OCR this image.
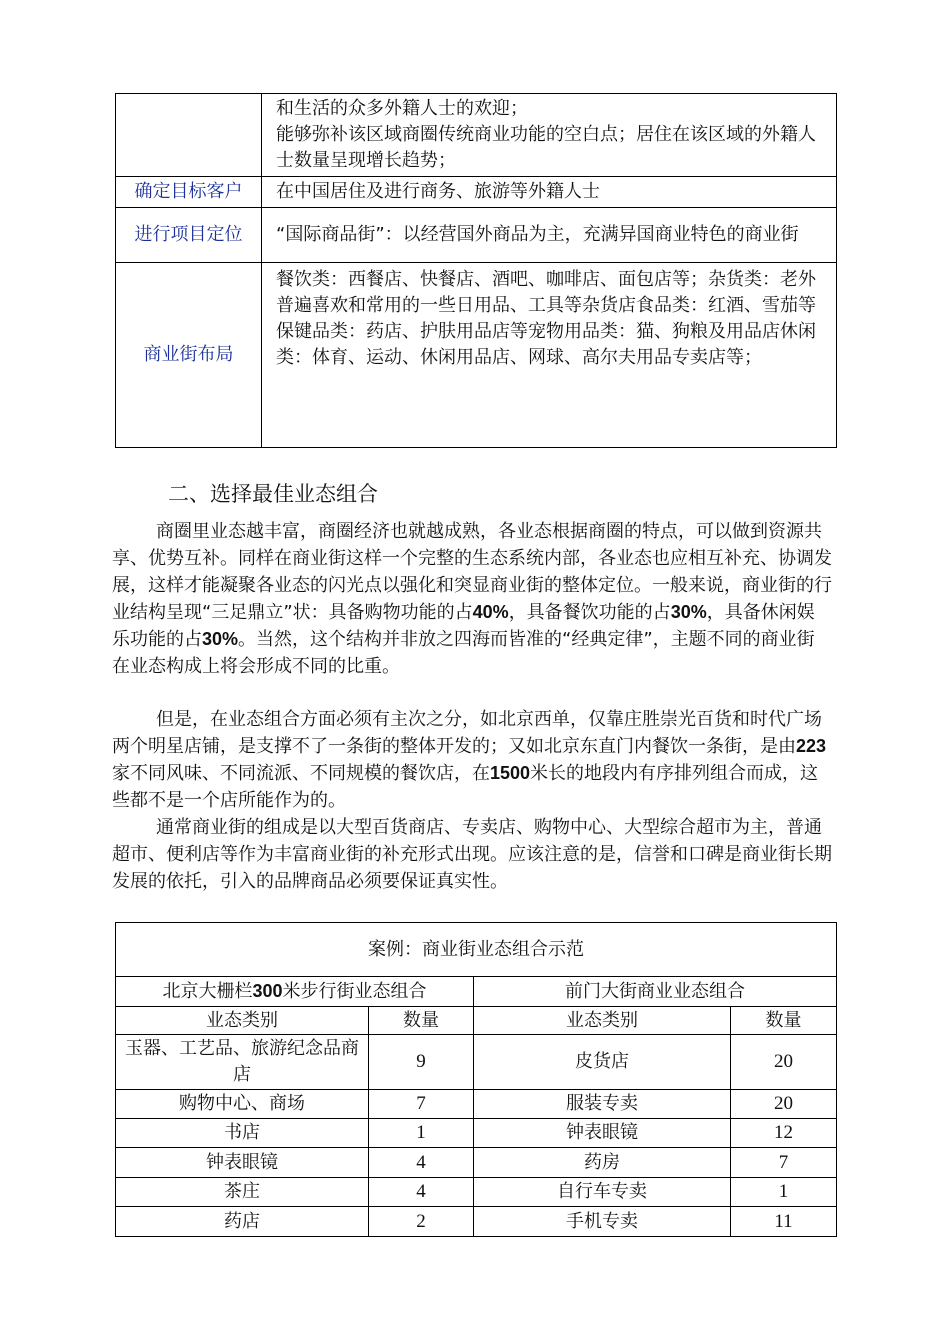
	和生活的众多外籍人士的欢迎；

能够弥补该区域商圈传统商业功能的空白点；居住在该区域的外籍人士数量呈现增长趋势；

确定目标客户	在中国居住及进行商务、旅游等外籍人士
进行项目定位	“国际商品街”：以经营国外商品为主，充满异国商业特色的商业街
商业街布局	餐饮类：西餐店、快餐店、酒吧、咖啡店、面包店等；杂货类：老外普遍喜欢和常用的一些日用品、工具等杂货店食品类：红酒、雪茄等

保键品类：药店、护肤用品店等宠物用品类：猫、狗粮及用品店休闲类：体育、运动、休闲用品店、网球、高尔夫用品专卖店等；

二、选择最佳业态组合

商圈里业态越丰富，商圈经济也就越成熟，各业态根据商圈的特点，可以做到资源共享、优势互补。同样在商业街这样一个完整的生态系统内部，各业态也应相互补充、协调发展，这样才能凝聚各业态的闪光点以强化和突显商业街的整体定位。一般来说，商业街的行业结构呈现“三足鼎立”状：具备购物功能的占40%，具备餐饮功能的占30%，具备休闲娱乐功能的占30%。当然，这个结构并非放之四海而皆准的“经典定律”，主题不同的商业街在业态构成上将会形成不同的比重。

但是，在业态组合方面必须有主次之分，如北京西单，仅靠庄胜崇光百货和时代广场两个明星店铺，是支撑不了一条街的整体开发的；又如北京东直门内餐饮一条街，是由223家不同风味、不同流派、不同规模的餐饮店，在1500米长的地段内有序排列组合而成，这些都不是一个店所能作为的。

通常商业街的组成是以大型百货商店、专卖店、购物中心、大型综合超市为主，普通超市、便利店等作为丰富商业街的补充形式出现。应该注意的是，信誉和口碑是商业街长期发展的依托，引入的品牌商品必须要保证真实性。

案例：商业街业态组合示范			
北京大栅栏300米步行街业态组合		前门大街商业业态组合	
业态类别	数量	业态类别	数量
玉器、工艺品、旅游纪念品商店	9	皮货店	20
购物中心、商场	7	服装专卖	20
书店	1	钟表眼镜	12
钟表眼镜	4	药房	7
茶庄	4	自行车专卖	1
药店	2	手机专卖	11
